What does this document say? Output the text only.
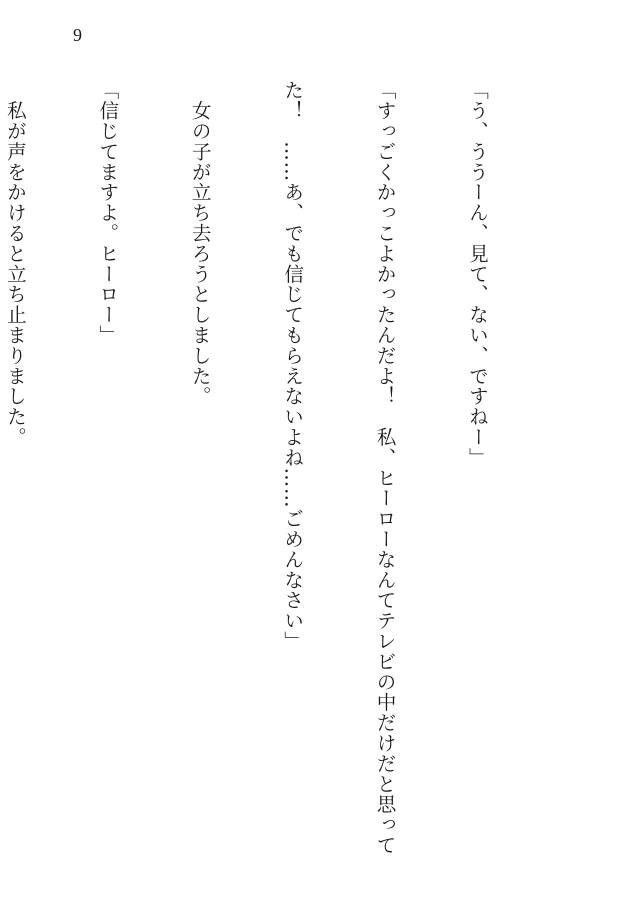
9

「う、ううーん、見て、ない、ですねー」

「すっごくかっこよかったんだよ！　私、ヒーローなんてテレビの中だけだと思って

た！　……あ、でも信じてもらえないよね……ごめんなさい」

　女の子が立ち去ろうとしました。

「信じてますよ。ヒーロー」

　私が声をかけると立ち止まりました。
